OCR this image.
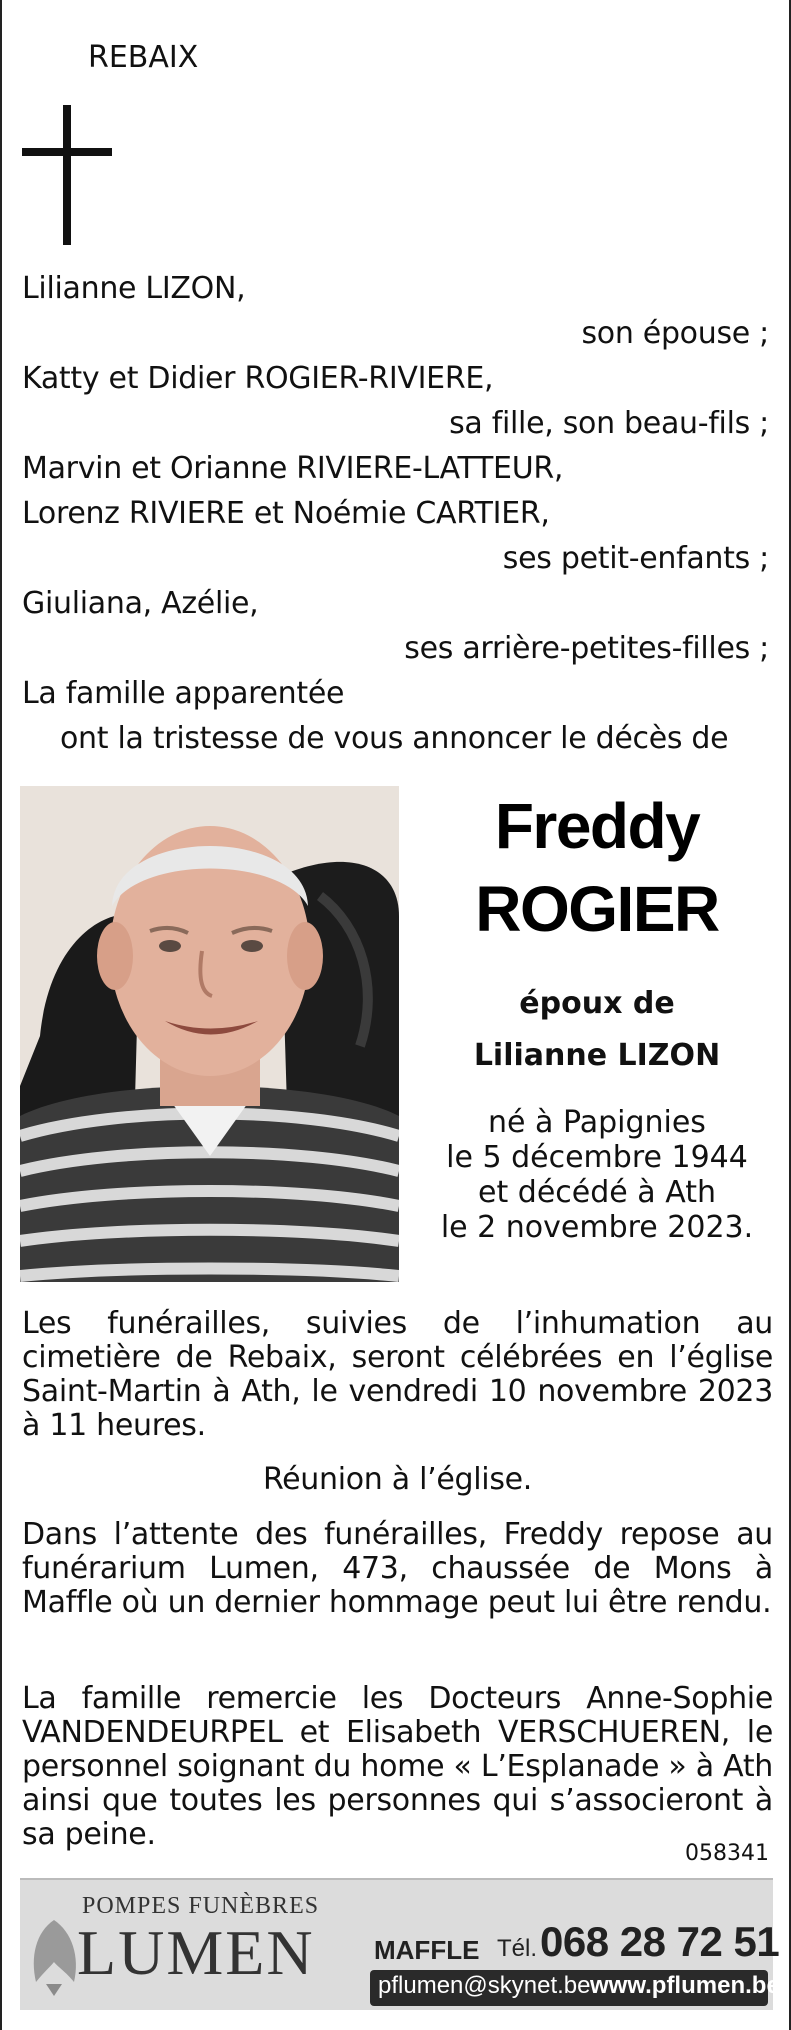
REBAIX
Lilianne LIZON,
son épouse ;
Katty et Didier ROGIER-RIVIERE,
sa fille, son beau-fils ;
Marvin et Orianne RIVIERE-LATTEUR,
Lorenz RIVIERE et Noémie CARTIER,
ses petit-enfants ;
Giuliana, Azélie,
ses arrière-petites-filles ;
La famille apparentée
ont la tristesse de vous annoncer le décès de
Freddy
ROGIER
époux de
Lilianne LIZON
né à Papignies
le 5 décembre 1944
et décédé à Ath
le 2 novembre 2023.
Les funérailles, suivies de l’inhumation au cimetière de Rebaix, seront célébrées en l’église Saint-Martin à Ath, le vendredi 10 novembre 2023 à 11 heures.
Réunion à l’église.
Dans l’attente des funérailles, Freddy repose au funérarium Lumen, 473, chaussée de Mons à Maffle où un dernier hommage peut lui être rendu.
La famille remercie les Docteurs Anne-Sophie VANDENDEURPEL et Elisabeth VERSCHUEREN, le personnel soignant du home « L’Esplanade » à Ath ainsi que toutes les personnes qui s’associeront à sa peine.
058341
POMPES FUNÈBRES
LUMEN MAFFLE Tél. 068 28 72 51
pflumen@skynet.be www.pflumen.be
